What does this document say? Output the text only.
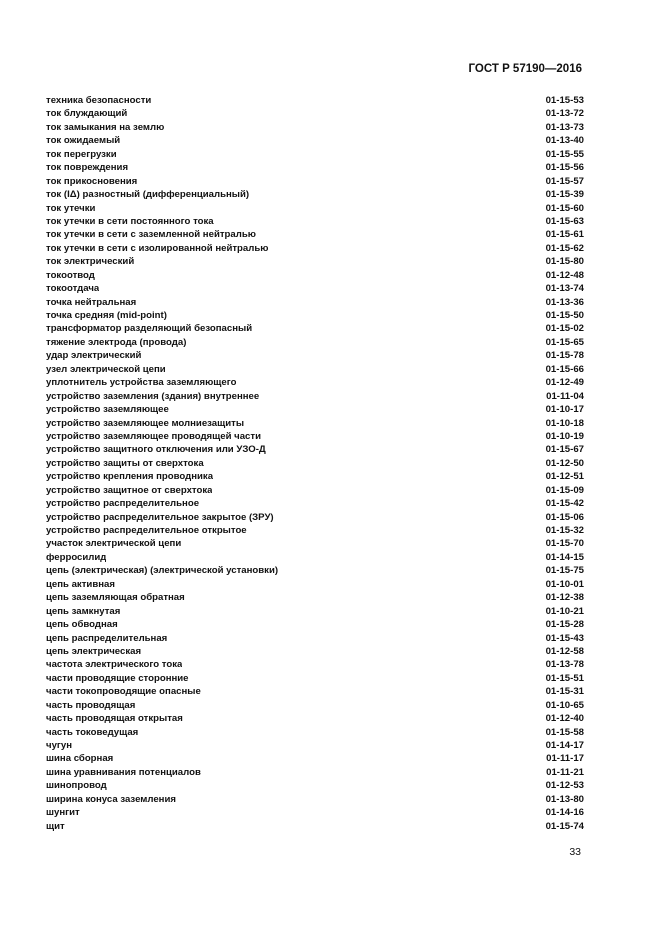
ГОСТ Р 57190—2016
техника безопасности	01-15-53
ток блуждающий	01-13-72
ток замыкания на землю	01-13-73
ток ожидаемый	01-13-40
ток перегрузки	01-15-55
ток повреждения	01-15-56
ток прикосновения	01-15-57
ток (IΔ) разностный (дифференциальный)	01-15-39
ток утечки	01-15-60
ток утечки в сети постоянного тока	01-15-63
ток утечки в сети с заземленной нейтралью	01-15-61
ток утечки в сети с изолированной нейтралью	01-15-62
ток электрический	01-15-80
токоотвод	01-12-48
токоотдача	01-13-74
точка нейтральная	01-13-36
точка средняя (mid-point)	01-15-50
трансформатор разделяющий безопасный	01-15-02
тяжение электрода (провода)	01-15-65
удар электрический	01-15-78
узел электрической цепи	01-15-66
уплотнитель устройства заземляющего	01-12-49
устройство заземления (здания) внутреннее	01-11-04
устройство заземляющее	01-10-17
устройство заземляющее молниезащиты	01-10-18
устройство заземляющее проводящей части	01-10-19
устройство защитного отключения или УЗО-Д	01-15-67
устройство защиты от сверхтока	01-12-50
устройство крепления проводника	01-12-51
устройство защитное от сверхтока	01-15-09
устройство распределительное	01-15-42
устройство распределительное закрытое (ЗРУ)	01-15-06
устройство распределительное открытое	01-15-32
участок электрической цепи	01-15-70
ферросилид	01-14-15
цепь (электрическая) (электрической установки)	01-15-75
цепь активная	01-10-01
цепь заземляющая обратная	01-12-38
цепь замкнутая	01-10-21
цепь обводная	01-15-28
цепь распределительная	01-15-43
цепь электрическая	01-12-58
частота электрического тока	01-13-78
части проводящие сторонние	01-15-51
части токопроводящие опасные	01-15-31
часть проводящая	01-10-65
часть проводящая открытая	01-12-40
часть токоведущая	01-15-58
чугун	01-14-17
шина сборная	01-11-17
шина уравнивания потенциалов	01-11-21
шинопровод	01-12-53
ширина конуса заземления	01-13-80
шунгит	01-14-16
щит	01-15-74
33
